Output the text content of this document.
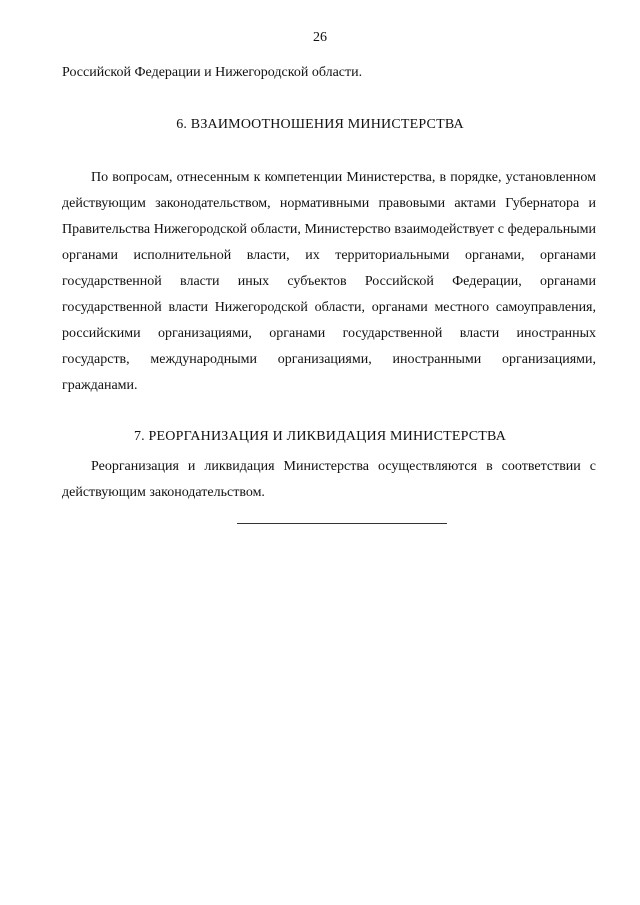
26
Российской Федерации и Нижегородской области.
6. ВЗАИМООТНОШЕНИЯ МИНИСТЕРСТВА

По вопросам, отнесенным к компетенции Министерства, в порядке, установленном действующим законодательством, нормативными правовыми актами Губернатора и Правительства Нижегородской области, Министерство взаимодействует с федеральными органами исполнительной власти, их территориальными органами, органами государственной власти иных субъектов Российской Федерации, органами государственной власти Нижегородской области, органами местного самоуправления, российскими организациями, органами государственной власти иностранных государств, международными организациями, иностранными организациями, гражданами.

7. РЕОРГАНИЗАЦИЯ И ЛИКВИДАЦИЯ МИНИСТЕРСТВА

Реорганизация и ликвидация Министерства осуществляются в соответствии с действующим законодательством.
